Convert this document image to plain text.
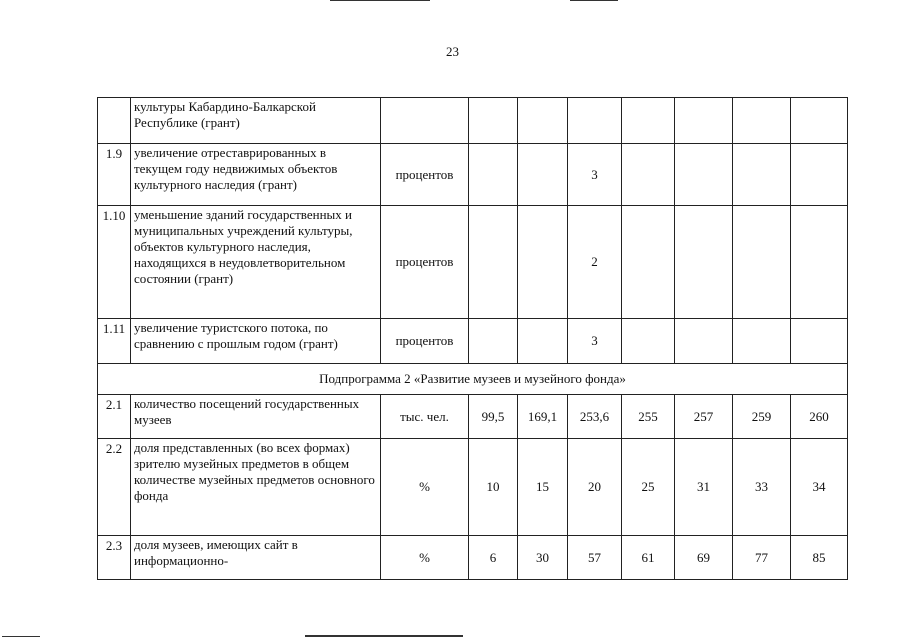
23
	культуры Кабардино-Балкарской Республике (грант)								
1.9	увеличение отреставрированных в текущем году недвижимых объектов культурного наследия (грант)	процентов			3				
1.10	уменьшение зданий государственных и муниципальных учреждений культуры, объектов культурного наследия, находящихся в неудовлетворительном состоянии (грант)	процентов			2				
1.11	увеличение туристского потока, по сравнению с прошлым годом (грант)	процентов			3				
Подпрограмма 2 «Развитие музеев и музейного фонда»									
2.1	количество посещений государственных музеев	тыс. чел.	99,5	169,1	253,6	255	257	259	260
2.2	доля представленных (во всех формах) зрителю музейных предметов в общем количестве музейных предметов основного фонда	%	10	15	20	25	31	33	34
2.3	доля музеев, имеющих сайт в информационно-	%	6	30	57	61	69	77	85
